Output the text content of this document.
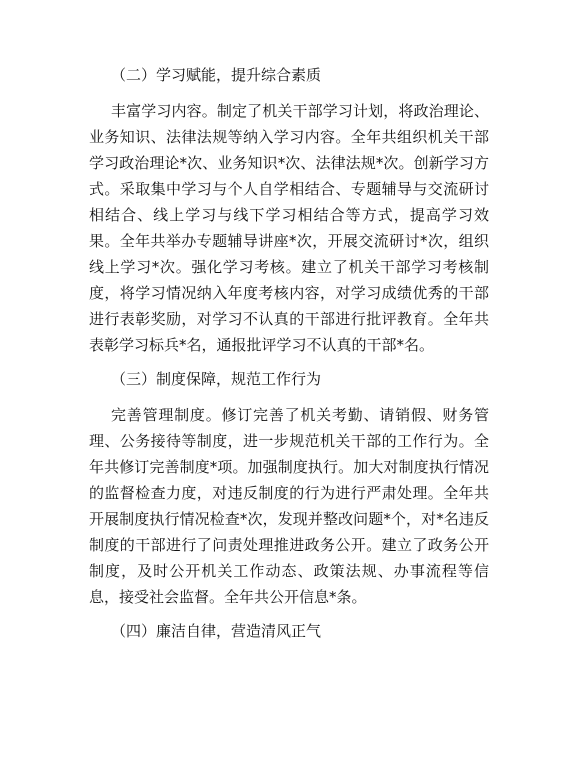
（二）学习赋能，提升综合素质

丰富学习内容。制定了机关干部学习计划，将政治理论、业务知识、法律法规等纳入学习内容。全年共组织机关干部学习政治理论*次、业务知识*次、法律法规*次。创新学习方式。采取集中学习与个人自学相结合、专题辅导与交流研讨相结合、线上学习与线下学习相结合等方式，提高学习效果。全年共举办专题辅导讲座*次，开展交流研讨*次，组织线上学习*次。强化学习考核。建立了机关干部学习考核制度，将学习情况纳入年度考核内容，对学习成绩优秀的干部进行表彰奖励，对学习不认真的干部进行批评教育。全年共表彰学习标兵*名，通报批评学习不认真的干部*名。

（三）制度保障，规范工作行为

完善管理制度。修订完善了机关考勤、请销假、财务管理、公务接待等制度，进一步规范机关干部的工作行为。全年共修订完善制度*项。加强制度执行。加大对制度执行情况的监督检查力度，对违反制度的行为进行严肃处理。全年共开展制度执行情况检查*次，发现并整改问题*个，对*名违反制度的干部进行了问责处理推进政务公开。建立了政务公开制度，及时公开机关工作动态、政策法规、办事流程等信息，接受社会监督。全年共公开信息*条。

（四）廉洁自律，营造清风正气
